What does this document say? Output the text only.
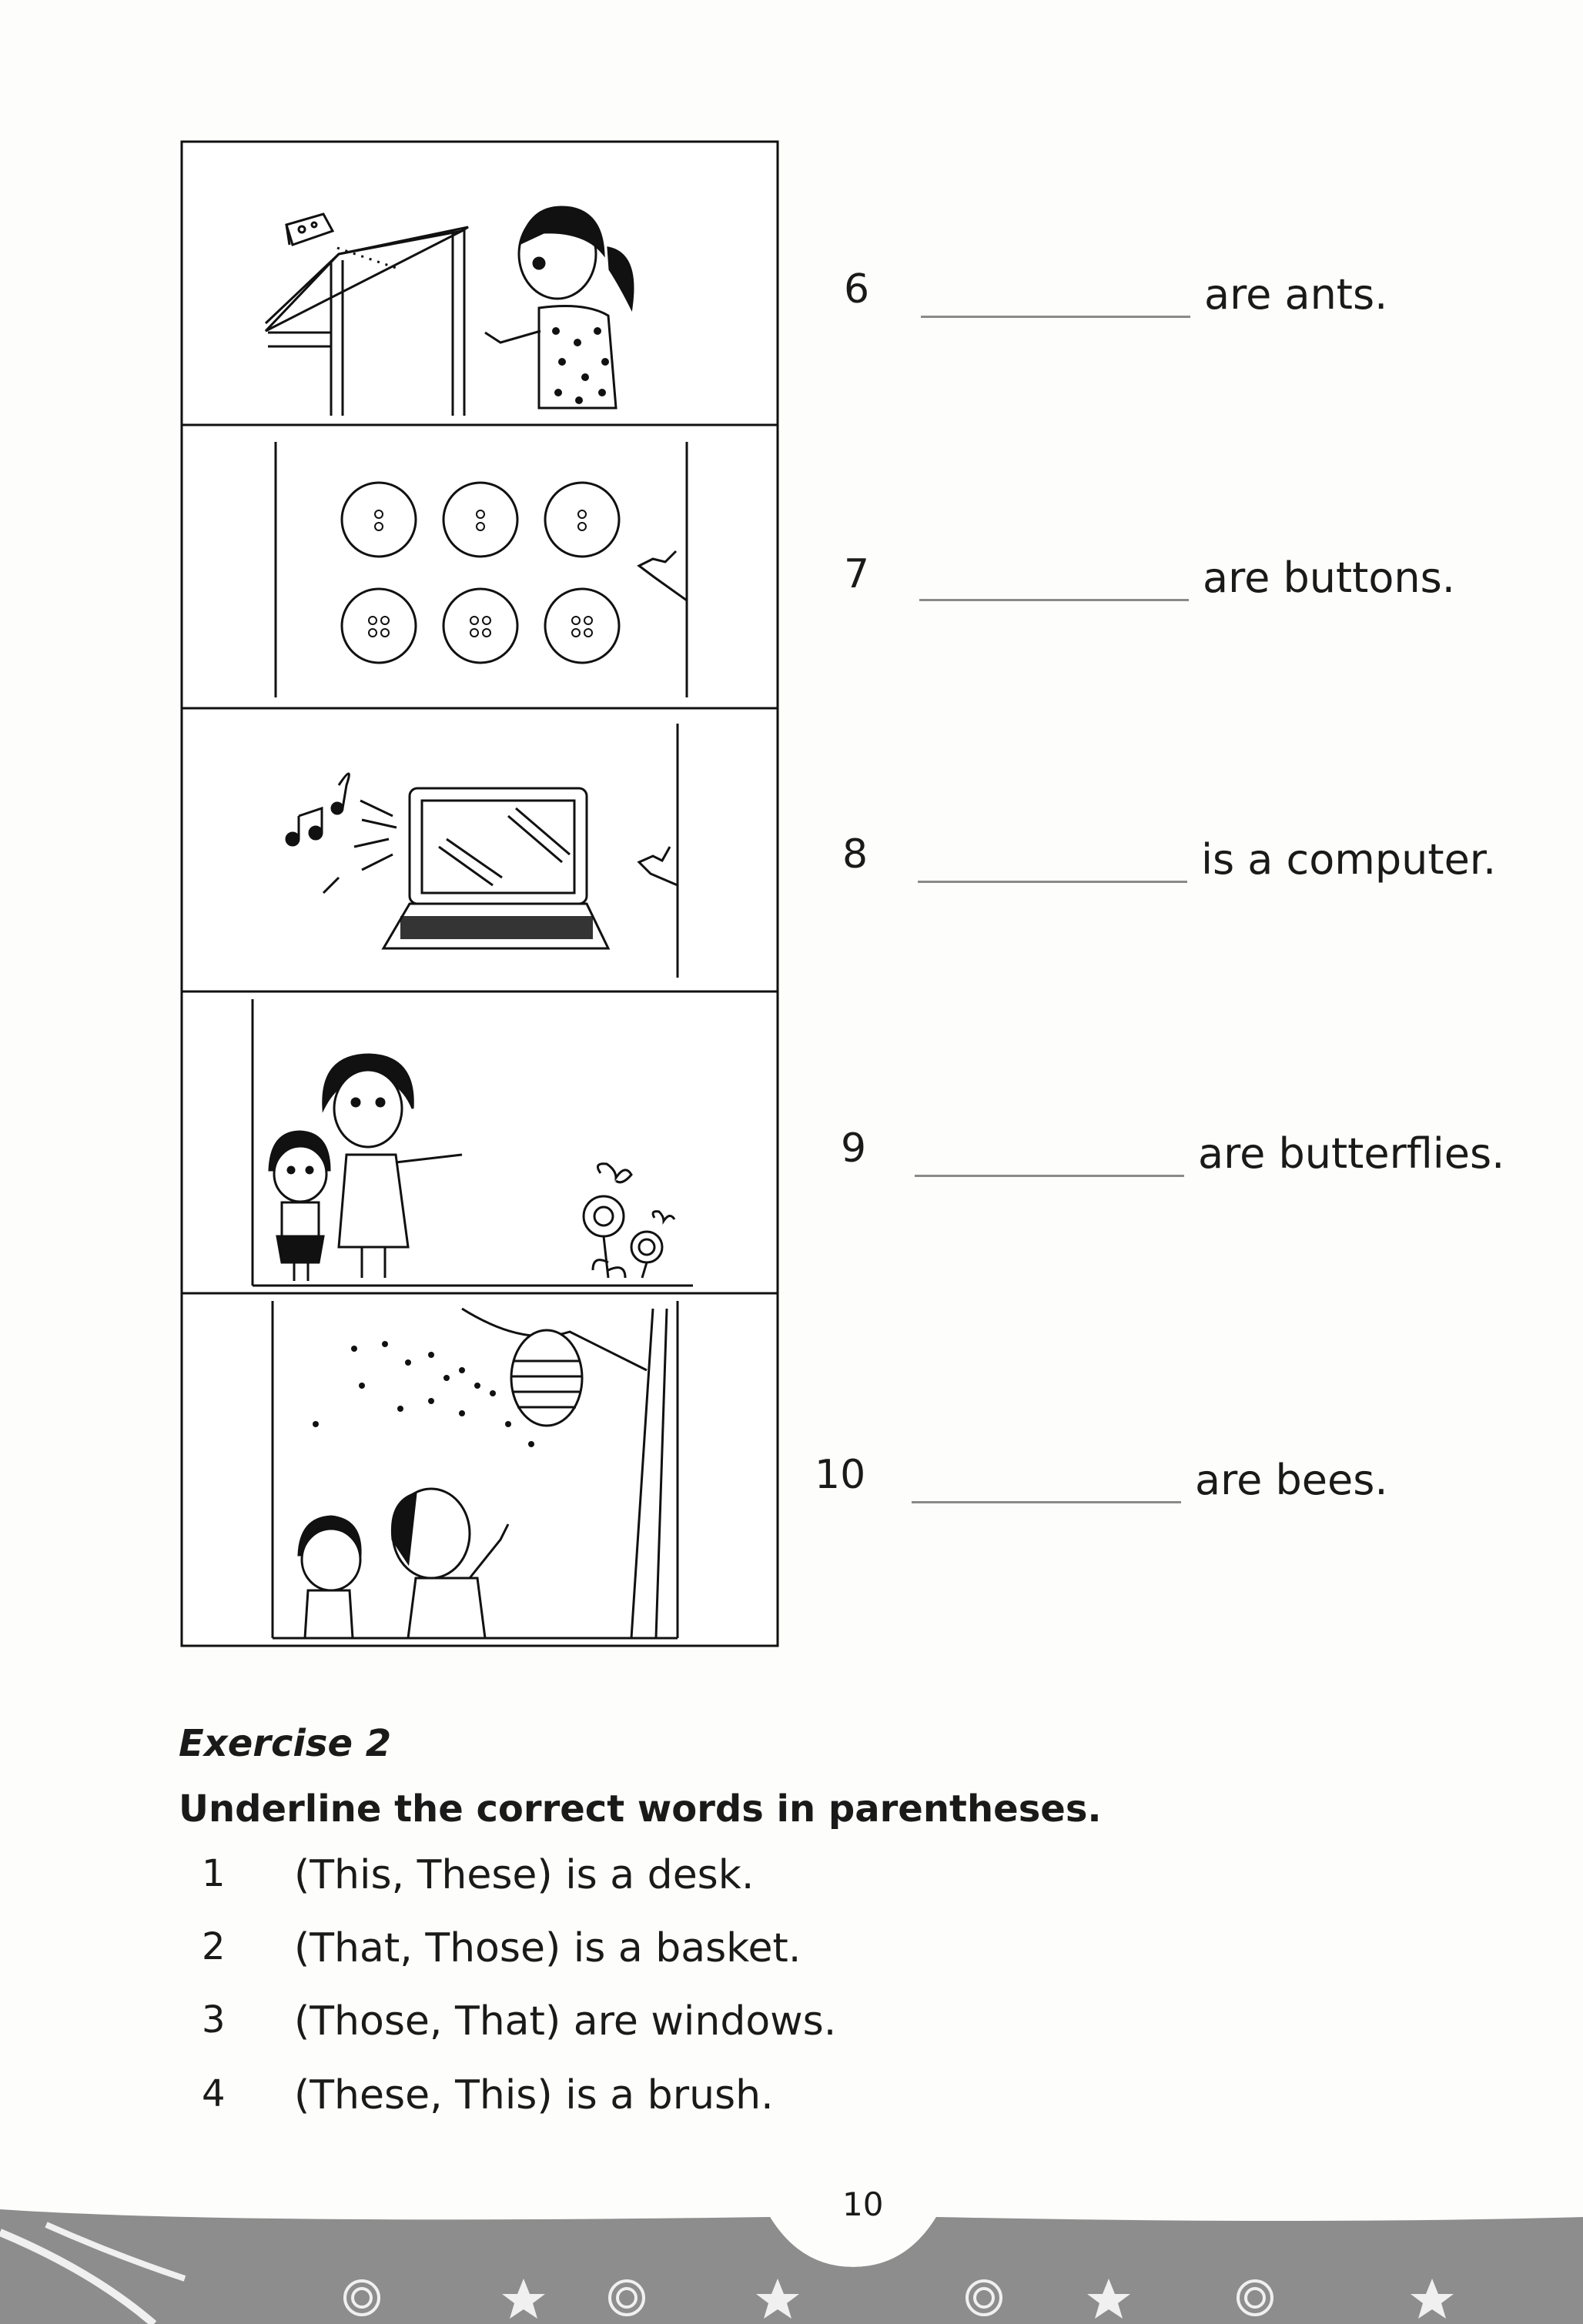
6	are ants.
7	are buttons.
8	is a computer.
9	are butterflies.
10	are bees.
Exercise 2
Underline the correct words in parentheses.
1 (This, These) is a desk.
2 (That, Those) is a basket.
3 (Those, That) are windows.
4 (These, This) is a brush.
10
